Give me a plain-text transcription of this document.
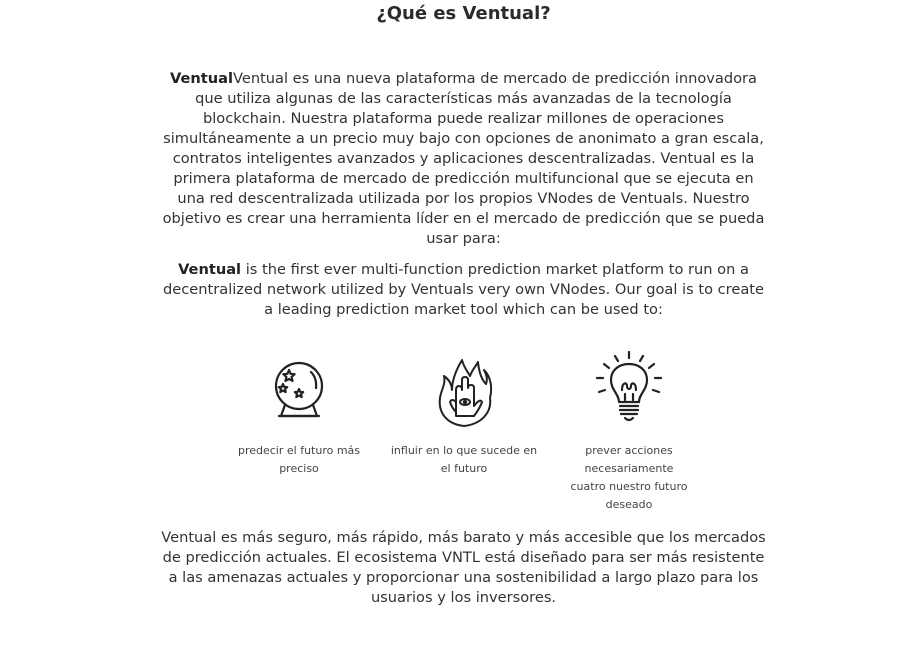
¿Qué es Ventual?

VentualVentual es una nueva plataforma de mercado de predicción innovadora que utiliza algunas de las características más avanzadas de la tecnología blockchain. Nuestra plataforma puede realizar millones de operaciones simultáneamente a un precio muy bajo con opciones de anonimato a gran escala, contratos inteligentes avanzados y aplicaciones descentralizadas. Ventual es la primera plataforma de mercado de predicción multifuncional que se ejecuta en una red descentralizada utilizada por los propios VNodes de Ventuals. Nuestro objetivo es crear una herramienta líder en el mercado de predicción que se pueda usar para:

Ventual is the first ever multi-function prediction market platform to run on a decentralized network utilized by Ventuals very own VNodes. Our goal is to create a leading prediction market tool which can be used to:

predecir el futuro más preciso
influir en lo que sucede en el futuro
prever acciones necesariamente cuatro nuestro futuro deseado

Ventual es más seguro, más rápido, más barato y más accesible que los mercados de predicción actuales. El ecosistema VNTL está diseñado para ser más resistente a las amenazas actuales y proporcionar una sostenibilidad a largo plazo para los usuarios y los inversores.
